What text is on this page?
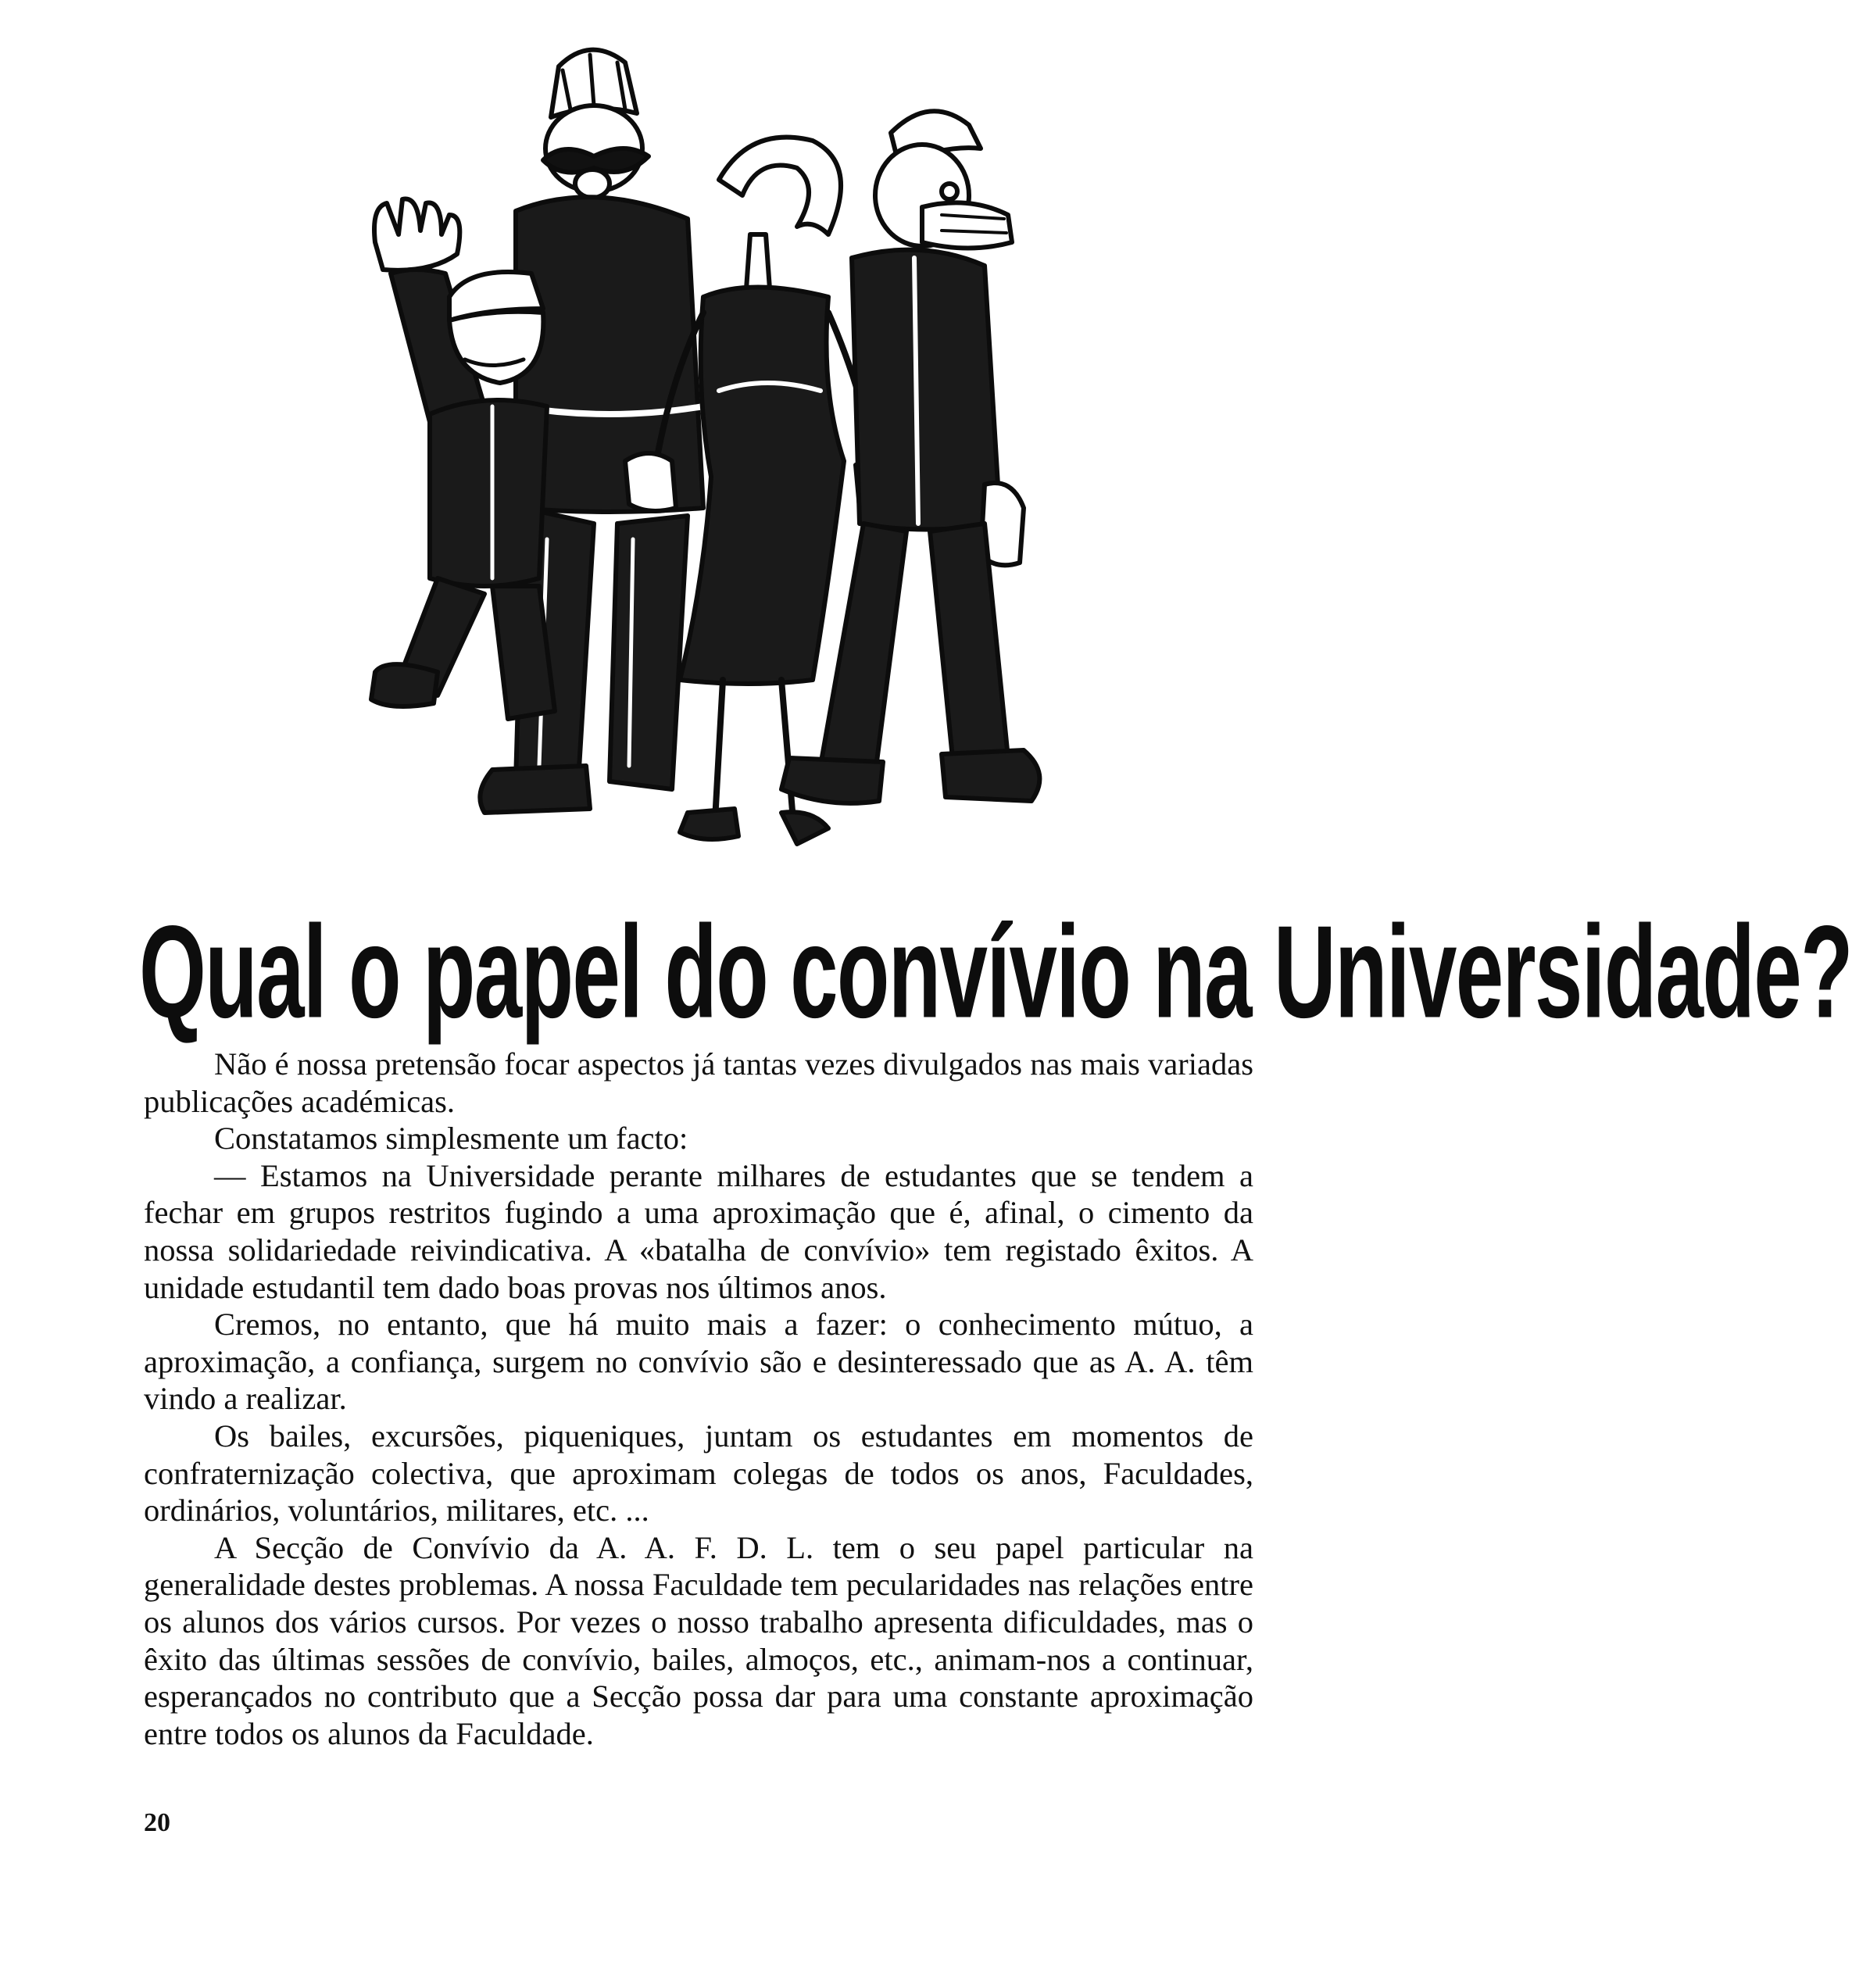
Qual o papel do convívio na Universidade?

Não é nossa pretensão focar aspectos já tantas vezes divulgados nas mais variadas publicações académicas.

Constatamos simplesmente um facto:

— Estamos na Universidade perante milhares de estudantes que se tendem a fechar em grupos restritos fugindo a uma aproximação que é, afinal, o cimento da nossa solidariedade reivindicativa. A «batalha de convívio» tem registado êxitos. A unidade estudantil tem dado boas provas nos últimos anos.

Cremos, no entanto, que há muito mais a fazer: o conhecimento mútuo, a aproximação, a confiança, surgem no convívio são e desinteressado que as A. A. têm vindo a realizar.

Os bailes, excursões, piqueniques, juntam os estudantes em momentos de confraternização colectiva, que aproximam colegas de todos os anos, Faculdades, ordinários, voluntários, militares, etc. ...

A Secção de Convívio da A. A. F. D. L. tem o seu papel particular na generalidade destes problemas. A nossa Faculdade tem pecularidades nas relações entre os alunos dos vários cursos. Por vezes o nosso trabalho apresenta dificuldades, mas o êxito das últimas sessões de convívio, bailes, almoços, etc., animam-nos a continuar, esperançados no contributo que a Secção possa dar para uma constante aproximação entre todos os alunos da Faculdade.

20
